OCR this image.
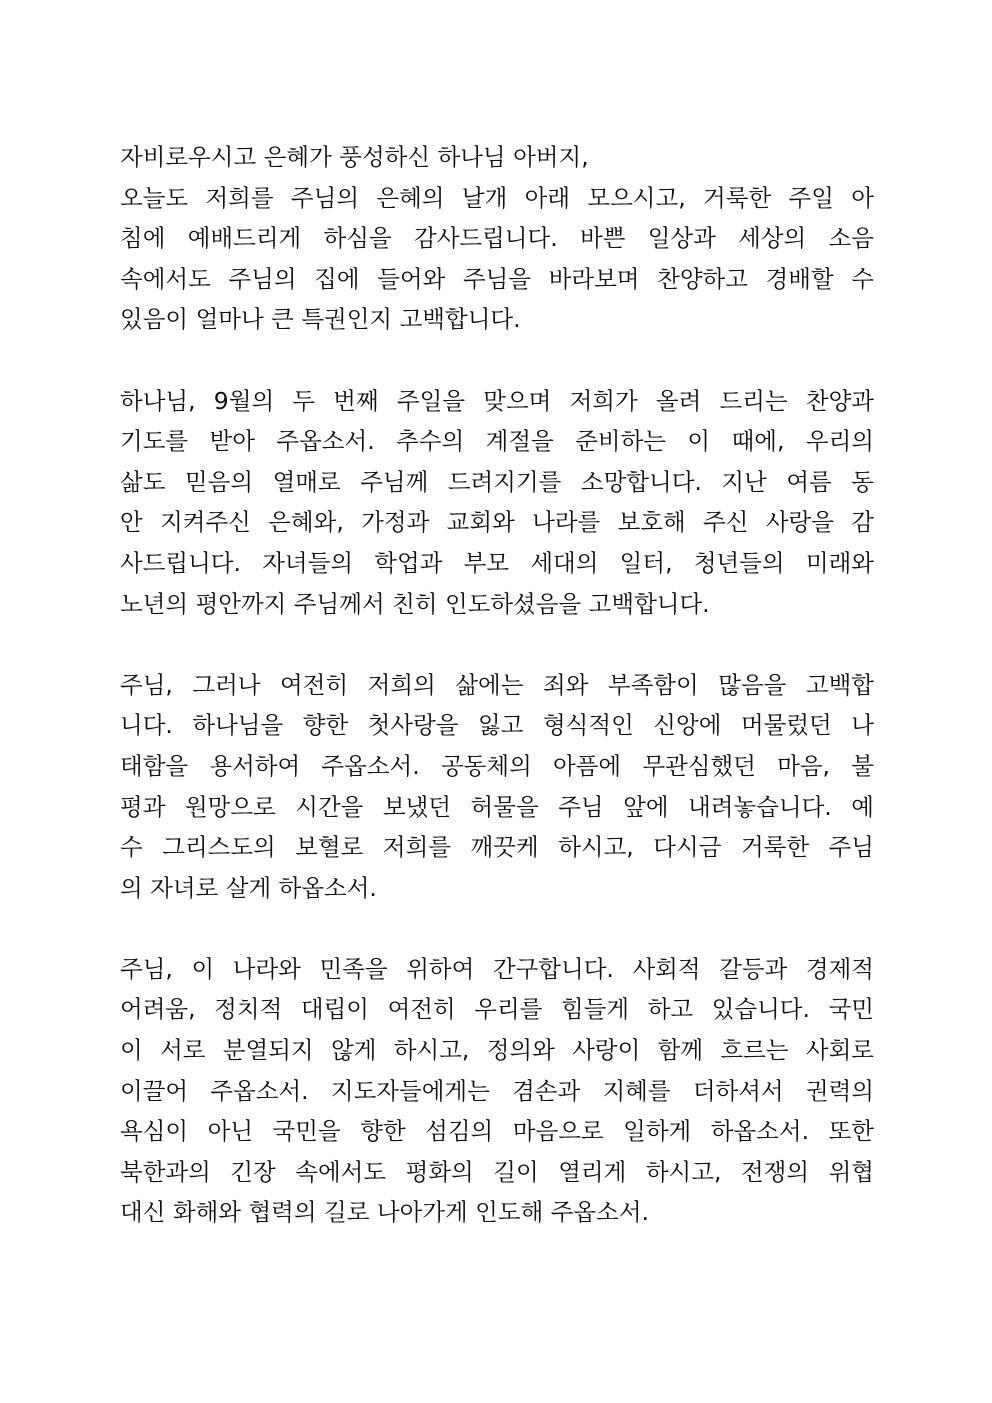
자비로우시고 은혜가 풍성하신 하나님 아버지,
오늘도 저희를 주님의 은혜의 날개 아래 모으시고, 거룩한 주일 아
침에 예배드리게 하심을 감사드립니다. 바쁜 일상과 세상의 소음
속에서도 주님의 집에 들어와 주님을 바라보며 찬양하고 경배할 수
있음이 얼마나 큰 특권인지 고백합니다.
하나님, 9월의 두 번째 주일을 맞으며 저희가 올려 드리는 찬양과
기도를 받아 주옵소서. 추수의 계절을 준비하는 이 때에, 우리의
삶도 믿음의 열매로 주님께 드려지기를 소망합니다. 지난 여름 동
안 지켜주신 은혜와, 가정과 교회와 나라를 보호해 주신 사랑을 감
사드립니다. 자녀들의 학업과 부모 세대의 일터, 청년들의 미래와
노년의 평안까지 주님께서 친히 인도하셨음을 고백합니다.
주님, 그러나 여전히 저희의 삶에는 죄와 부족함이 많음을 고백합
니다. 하나님을 향한 첫사랑을 잃고 형식적인 신앙에 머물렀던 나
태함을 용서하여 주옵소서. 공동체의 아픔에 무관심했던 마음, 불
평과 원망으로 시간을 보냈던 허물을 주님 앞에 내려놓습니다. 예
수 그리스도의 보혈로 저희를 깨끗케 하시고, 다시금 거룩한 주님
의 자녀로 살게 하옵소서.
주님, 이 나라와 민족을 위하여 간구합니다. 사회적 갈등과 경제적
어려움, 정치적 대립이 여전히 우리를 힘들게 하고 있습니다. 국민
이 서로 분열되지 않게 하시고, 정의와 사랑이 함께 흐르는 사회로
이끌어 주옵소서. 지도자들에게는 겸손과 지혜를 더하셔서 권력의
욕심이 아닌 국민을 향한 섬김의 마음으로 일하게 하옵소서. 또한
북한과의 긴장 속에서도 평화의 길이 열리게 하시고, 전쟁의 위협
대신 화해와 협력의 길로 나아가게 인도해 주옵소서.
